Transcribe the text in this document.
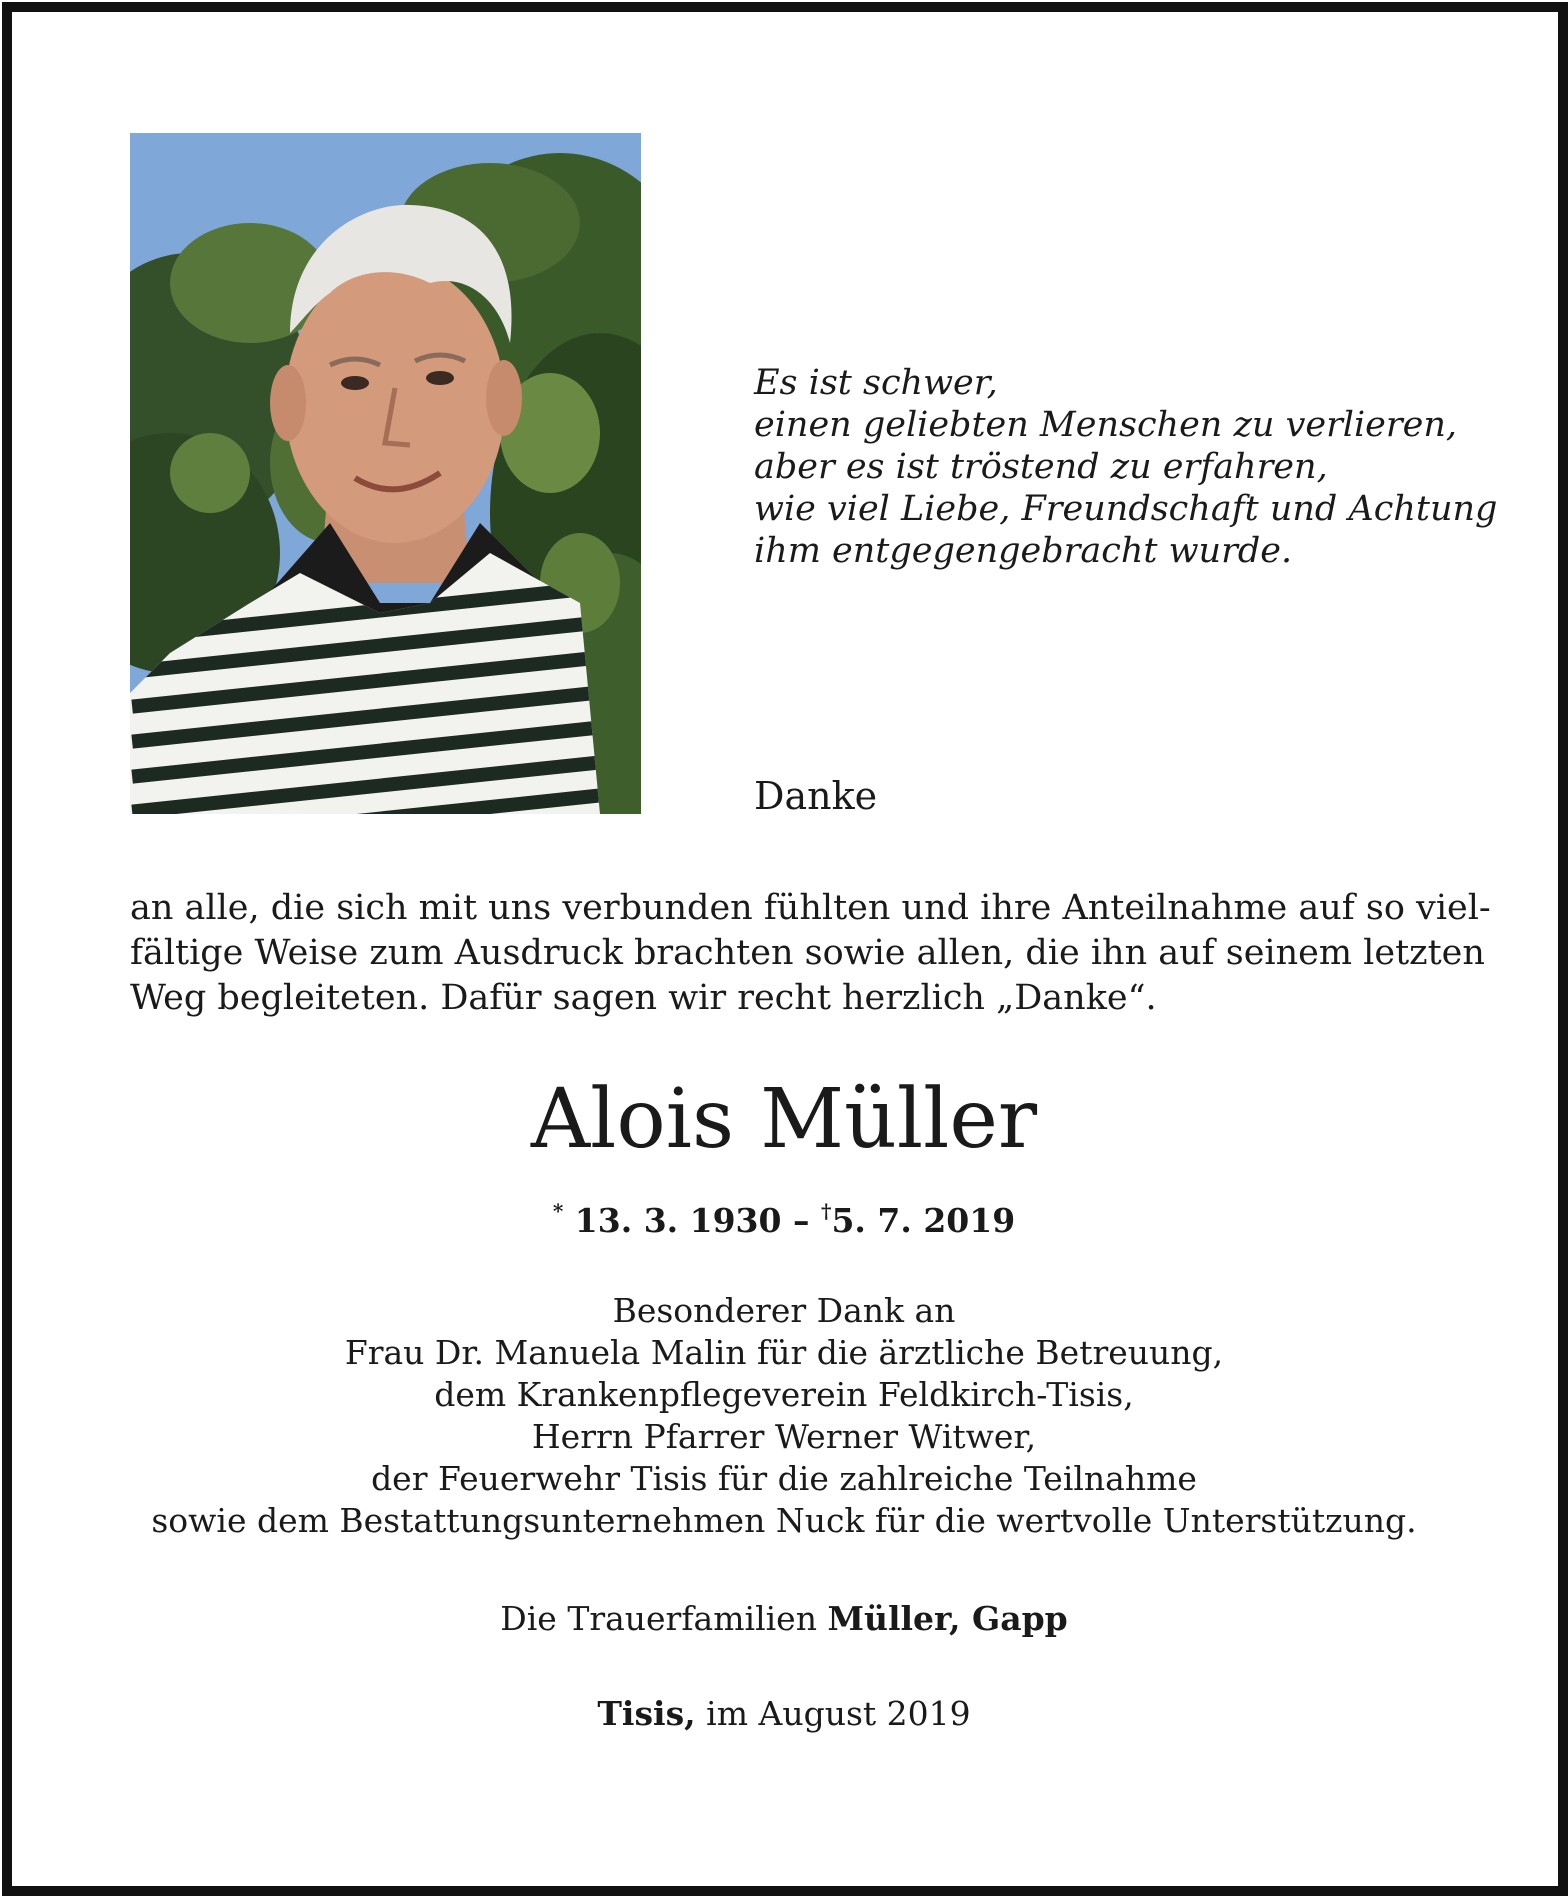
Es ist schwer,
einen geliebten Menschen zu verlieren,
aber es ist tröstend zu erfahren,
wie viel Liebe, Freundschaft und Achtung
ihm entgegengebracht wurde.
Danke
an alle, die sich mit uns verbunden fühlten und ihre Anteilnahme auf so viel-
fältige Weise zum Ausdruck brachten sowie allen, die ihn auf seinem letzten
Weg begleiteten. Dafür sagen wir recht herzlich „Danke“.
Alois Müller
* 13. 3. 1930 – †5. 7. 2019
Besonderer Dank an
Frau Dr. Manuela Malin für die ärztliche Betreuung,
dem Krankenpflegeverein Feldkirch-Tisis,
Herrn Pfarrer Werner Witwer,
der Feuerwehr Tisis für die zahlreiche Teilnahme
sowie dem Bestattungsunternehmen Nuck für die wertvolle Unterstützung.
Die Trauerfamilien Müller, Gapp
Tisis, im August 2019
